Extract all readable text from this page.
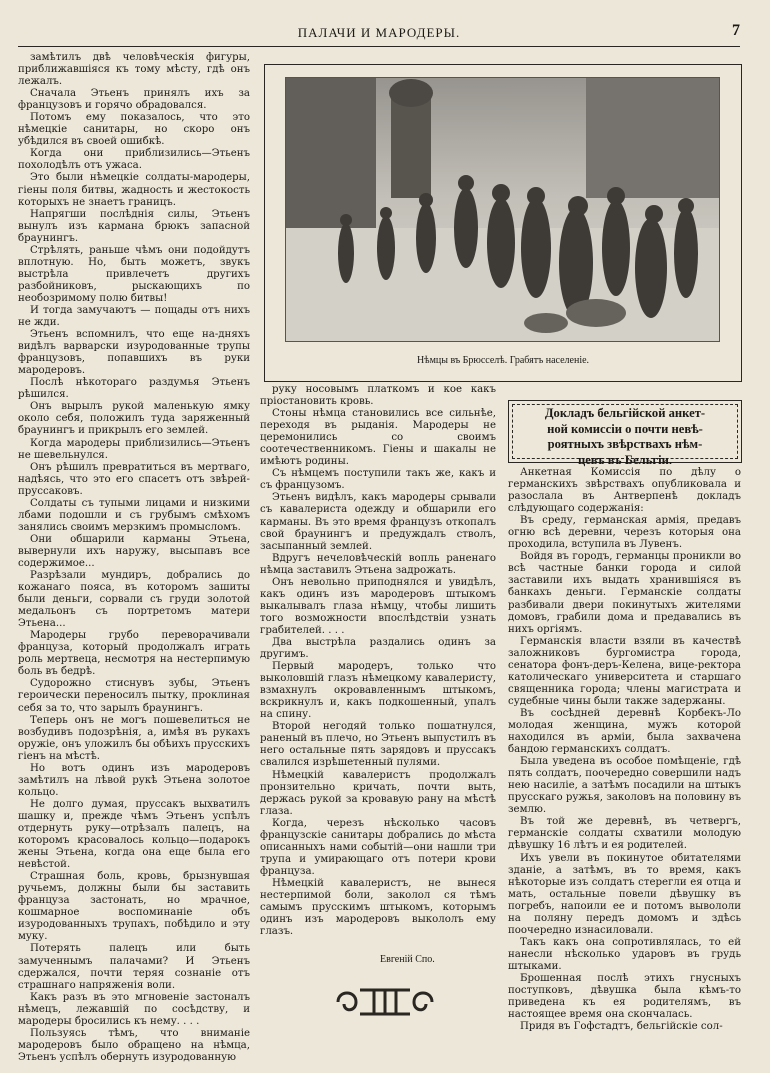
ПАЛАЧИ И МАРОДЕРЫ.	7

замѣтилъ двѣ человѣческія фигуры, приближавшіяся къ тому мѣсту, гдѣ онъ лежалъ.

Сначала Этьенъ принялъ ихъ за французовъ и горячо обрадовался.

Потомъ ему показалось, что это нѣмецкіе санитары, но скоро онъ убѣдился въ своей ошибкѣ.

Когда они приблизились—Этьенъ похолодѣлъ отъ ужаса.

Это были нѣмецкіе солдаты-мародеры, гіены поля битвы, жадность и жестокость которыхъ не знаетъ границъ.

Напрягши послѣднія силы, Этьенъ вынулъ изъ кармана брюкъ запасной браунингъ.

Стрѣлять, раньше чѣмъ они подойдутъ вплотную. Но, быть можетъ, звукъ выстрѣла привлечетъ другихъ разбойниковъ, рыскающихъ по необозримому полю битвы!

И тогда замучаютъ — пощады отъ нихъ не жди.

Этьенъ вспомнилъ, что еще на-дняхъ видѣлъ варварски изуродованные трупы французовъ, попавшихъ въ руки мародеровъ.

Послѣ нѣкотораго раздумья Этьенъ рѣшился.

Онъ вырылъ рукой маленькую ямку около себя, положилъ туда заряженный браунингъ и прикрылъ его землей.

Когда мародеры приблизились—Этьенъ не шевельнулся.

Онъ рѣшилъ превратиться въ мертваго, надѣясь, что это его спасетъ отъ звѣрей-пруссаковъ.

Солдаты съ тупыми лицами и низкими лбами подошли и съ грубымъ смѣхомъ занялись своимъ мерзкимъ промысломъ.

Они обшарили карманы Этьена, вывернули ихъ наружу, высыпавъ все содержимое...

Разрѣзали мундиръ, добрались до кожанаго пояса, въ которомъ зашиты были деньги, сорвали съ груди золотой медальонъ съ портретомъ матери Этьена...

Мародеры грубо переворачивали француза, который продолжалъ играть роль мертвеца, несмотря на нестерпимую боль въ бедрѣ.

Судорожно стиснувъ зубы, Этьенъ героически переносилъ пытку, проклиная себя за то, что зарылъ браунингъ.

Теперь онъ не могъ пошевелиться не возбудивъ подозрѣнія, а, имѣя въ рукахъ оружіе, онъ уложилъ бы обѣихъ прусскихъ гіенъ на мѣстѣ.

Но вотъ одинъ изъ мародеровъ замѣтилъ на лѣвой рукѣ Этьена золотое кольцо.

Не долго думая, пруссакъ выхватилъ шашку и, прежде чѣмъ Этьенъ успѣлъ отдернуть руку—отрѣзалъ палецъ, на которомъ красовалось кольцо—подарокъ жены Этьена, когда она еще была его невѣстой.

Страшная боль, кровь, брызнувшая ручьемъ, должны были бы заставить француза застонать, но мрачное, кошмарное воспоминаніе объ изуродованныхъ трупахъ, побѣдило и эту муку.

Потерять палецъ или быть замученнымъ палачами? И Этьенъ сдержался, почти теряя сознаніе отъ страшнаго напряженія воли.

Какъ разъ въ это мгновеніе застоналъ нѣмецъ, лежавшій по сосѣдству, и мародеры бросились къ нему. . . .

Пользуясь тѣмъ, что вниманіе мародеровъ было обращено на нѣмца, Этьенъ успѣлъ обернуть изуродованную

Нѣмцы въ Брюсселѣ. Грабятъ населеніе.

руку носовымъ платкомъ и кое какъ пріостановить кровь.

Стоны нѣмца становились все сильнѣе, переходя въ рыданія. Мародеры не церемонились со своимъ соотечественникомъ. Гіены и шакалы не имѣютъ родины.

Съ нѣмцемъ поступили такъ же, какъ и съ французомъ.

Этьенъ видѣлъ, какъ мародеры срывали съ кавалериста одежду и обшарили его карманы. Въ это время французъ откопалъ свой браунингъ и предуждалъ стволъ, засыпанный землей.

Вдругъ нечеловѣческій вопль раненаго нѣмца заставилъ Этьена задрожать.

Онъ невольно приподнялся и увидѣлъ, какъ одинъ изъ мародеровъ штыкомъ выкалывалъ глаза нѣмцу, чтобы лишить того возможности впослѣдствіи узнать грабителей. . . .

Два выстрѣла раздались одинъ за другимъ.

Первый мародеръ, только что выколовшій глазъ нѣмецкому кавалеристу, взмахнулъ окровавленнымъ штыкомъ, вскрикнулъ и, какъ подкошенный, упалъ на спину.

Второй негодяй только пошатнулся, раненый въ плечо, но Этьенъ выпустилъ въ него остальные пять зарядовъ и пруссакъ свалился изрѣшетенный пулями.

Нѣмецкій кавалеристъ продолжалъ пронзительно кричать, почти выть, держась рукой за кровавую рану на мѣстѣ глаза.

Когда, черезъ нѣсколько часовъ французскіе санитары добрались до мѣста описанныхъ нами событій—они нашли три трупа и умирающаго отъ потери крови француза.

Нѣмецкій кавалеристъ, не вынеся нестерпимой боли, заколол ся тѣмъ самымъ прусскимъ штыкомъ, которымъ одинъ изъ мародеровъ выкололъ ему глазъ.

Докладъ бельгійской анкет-
ной комиссіи о почти невѣ-
роятныхъ звѣрствахъ нѣм-
цевъ въ Бельгіи.

Анкетная Комиссія по дѣлу о германскихъ звѣрствахъ опубликовала и разослала въ Антверпенѣ докладъ слѣдующаго содержанія:

Въ среду, германская армія, предавъ огню всѣ деревни, черезъ которыя она проходила, вступила въ Лувенъ.

Войдя въ городъ, германцы проникли во всѣ частные банки города и силой заставили ихъ выдать хранившіяся въ банкахъ деньги. Германскіе солдаты разбивали двери покинутыхъ жителями домовъ, грабили дома и предавались въ нихъ оргіямъ.

Германскія власти взяли въ качествѣ заложниковъ бургомистра города, сенатора фонъ-деръ-Келена, вице-ректора католическаго университета и старшаго священника города; члены магистрата и судебные чины были также задержаны.

Въ сосѣдней деревнѣ Корбекъ-Ло молодая женщина, мужъ которой находился въ арміи, была захвачена бандою германскихъ солдатъ.

Была уведена въ особое помѣщеніе, гдѣ пять солдатъ, поочередно совершили надъ нею насиліе, а затѣмъ посадили на штыкъ прусскаго ружья, заколовъ на половину въ землю.

Въ той же деревнѣ, въ четвергъ, германскіе солдаты схватили молодую дѣвушку 16 лѣтъ и ея родителей.

Ихъ увели въ покинутое обитателями зданіе, а затѣмъ, въ то время, какъ нѣкоторые изъ солдатъ стерегли ея отца и мать, остальные повели дѣвушку въ погребъ, напоили ее и потомъ вывололи на поляну передъ домомъ и здѣсь поочередно изнасиловали.

Такъ какъ она сопротивлялась, то ей нанесли нѣсколько ударовъ въ грудь штыками.

Брошенная послѣ этихъ гнусныхъ поступковъ, дѣвушка была кѣмъ-то приведена къ ея родителямъ, въ настоящее время она скончалась.

Придя въ Гофстадтъ, бельгійскіе сол-

Евгеній Спо.
